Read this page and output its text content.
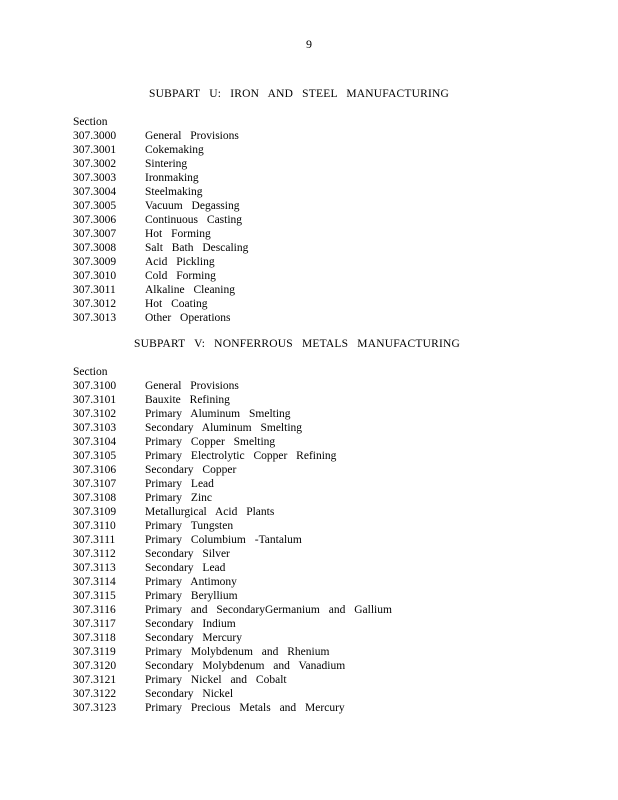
9
SUBPART U: IRON AND STEEL MANUFACTURING
Section
307.3000	General Provisions
307.3001	Cokemaking
307.3002	Sintering
307.3003	Ironmaking
307.3004	Steelmaking
307.3005	Vacuum Degassing
307.3006	Continuous Casting
307.3007	Hot Forming
307.3008	Salt Bath Descaling
307.3009	Acid Pickling
307.3010	Cold Forming
307.3011	Alkaline Cleaning
307.3012	Hot Coating
307.3013	Other Operations
SUBPART V: NONFERROUS METALS MANUFACTURING
Section
307.3100	General Provisions
307.3101	Bauxite Refining
307.3102	Primary Aluminum Smelting
307.3103	Secondary Aluminum Smelting
307.3104	Primary Copper Smelting
307.3105	Primary Electrolytic Copper Refining
307.3106	Secondary Copper
307.3107	Primary Lead
307.3108	Primary Zinc
307.3109	Metallurgical Acid Plants
307.3110	Primary Tungsten
307.3111	Primary Columbium -Tantalum
307.3112	Secondary Silver
307.3113	Secondary Lead
307.3114	Primary Antimony
307.3115	Primary Beryllium
307.3116	Primary and SecondaryGermanium and Gallium
307.3117	Secondary Indium
307.3118	Secondary Mercury
307.3119	Primary Molybdenum and Rhenium
307.3120	Secondary Molybdenum and Vanadium
307.3121	Primary Nickel and Cobalt
307.3122	Secondary Nickel
307.3123	Primary Precious Metals and Mercury
